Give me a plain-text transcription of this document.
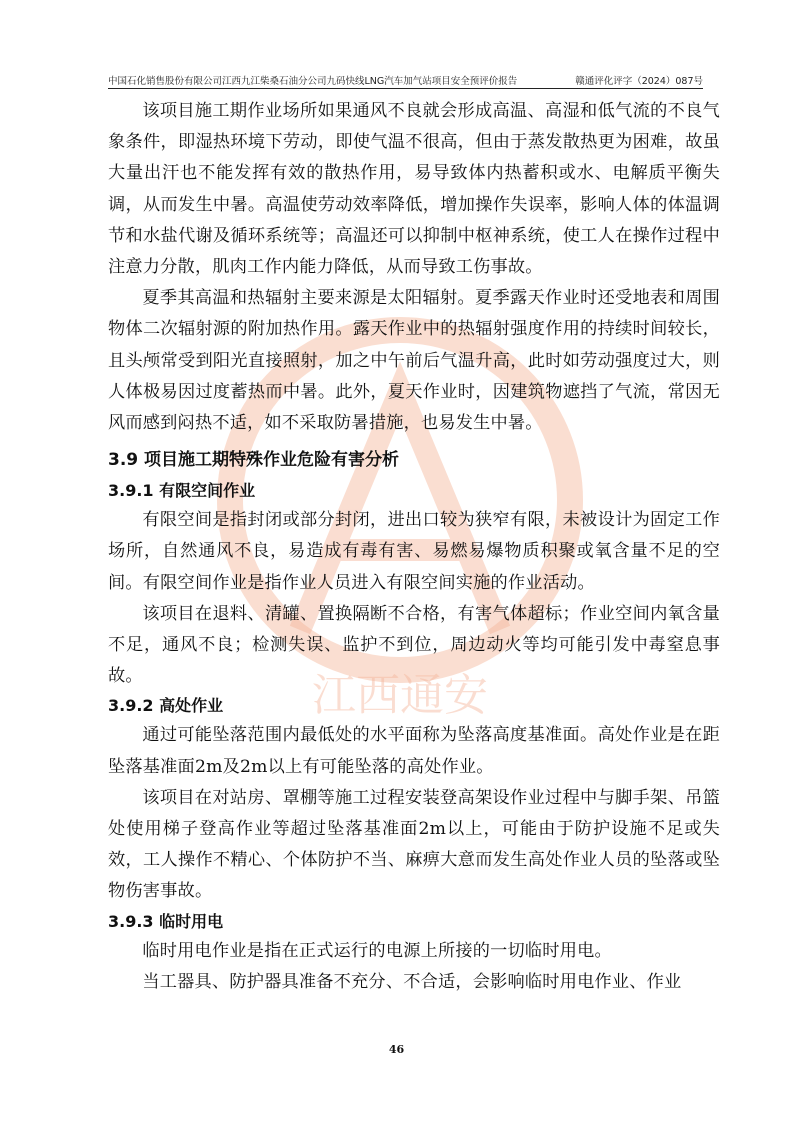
中国石化销售股份有限公司江西九江柴桑石油分公司九码快线LNG汽车加气站项目安全预评价报告	赣通评化评字（2024）087号
江西通安

该项目施工期作业场所如果通风不良就会形成高温、高湿和低气流的不良气象条件，即湿热环境下劳动，即使气温不很高，但由于蒸发散热更为困难，故虽大量出汗也不能发挥有效的散热作用，易导致体内热蓄积或水、电解质平衡失调，从而发生中暑。高温使劳动效率降低，增加操作失误率，影响人体的体温调节和水盐代谢及循环系统等；高温还可以抑制中枢神系统，使工人在操作过程中注意力分散，肌肉工作内能力降低，从而导致工伤事故。

夏季其高温和热辐射主要来源是太阳辐射。夏季露天作业时还受地表和周围物体二次辐射源的附加热作用。露天作业中的热辐射强度作用的持续时间较长，且头颅常受到阳光直接照射，加之中午前后气温升高，此时如劳动强度过大，则人体极易因过度蓄热而中暑。此外，夏天作业时，因建筑物遮挡了气流，常因无风而感到闷热不适，如不采取防暑措施，也易发生中暑。

3.9 项目施工期特殊作业危险有害分析
3.9.1 有限空间作业

有限空间是指封闭或部分封闭，进出口较为狭窄有限，未被设计为固定工作场所，自然通风不良，易造成有毒有害、易燃易爆物质积聚或氧含量不足的空间。有限空间作业是指作业人员进入有限空间实施的作业活动。

该项目在退料、清罐、置换隔断不合格，有害气体超标；作业空间内氧含量不足，通风不良；检测失误、监护不到位，周边动火等均可能引发中毒窒息事故。

3.9.2 高处作业

通过可能坠落范围内最低处的水平面称为坠落高度基准面。高处作业是在距坠落基准面2m及2m以上有可能坠落的高处作业。

该项目在对站房、罩棚等施工过程安装登高架设作业过程中与脚手架、吊篮处使用梯子登高作业等超过坠落基准面2m以上，可能由于防护设施不足或失效，工人操作不精心、个体防护不当、麻痹大意而发生高处作业人员的坠落或坠物伤害事故。

3.9.3 临时用电

临时用电作业是指在正式运行的电源上所接的一切临时用电。

当工器具、防护器具准备不充分、不合适，会影响临时用电作业、作业

46
